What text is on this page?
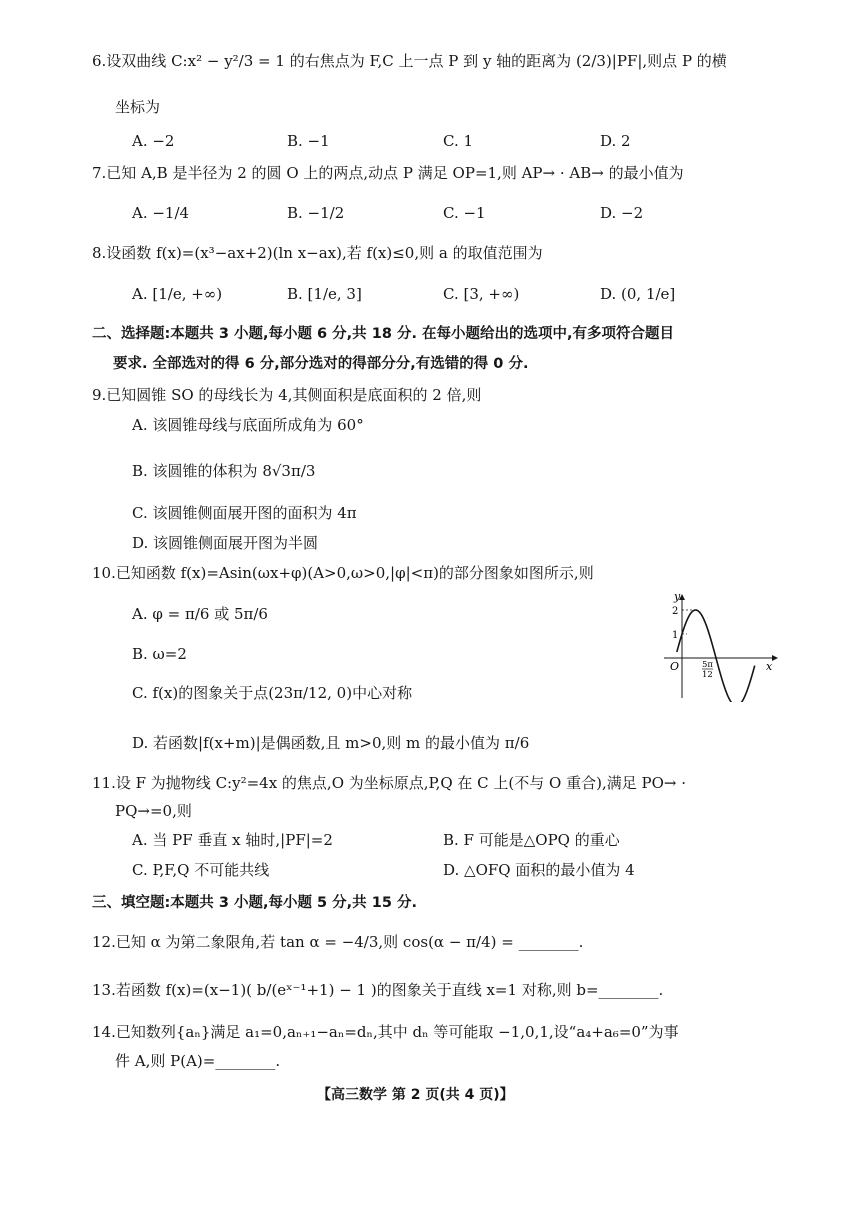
6.设双曲线 C:x² − y²/3 = 1 的右焦点为 F,C 上一点 P 到 y 轴的距离为 (2/3)|PF|,则点 P 的横
坐标为
A. −2	B. −1	C. 1	D. 2
7.已知 A,B 是半径为 2 的圆 O 上的两点,动点 P 满足 OP=1,则 AP→ · AB→ 的最小值为
A. −1/4	B. −1/2	C. −1	D. −2
8.设函数 f(x)=(x³−ax+2)(ln x−ax),若 f(x)≤0,则 a 的取值范围为
A. [1/e, +∞)	B. [1/e, 3]	C. [3, +∞)	D. (0, 1/e]
二、选择题:本题共 3 小题,每小题 6 分,共 18 分. 在每小题给出的选项中,有多项符合题目
要求. 全部选对的得 6 分,部分选对的得部分分,有选错的得 0 分.
9.已知圆锥 SO 的母线长为 4,其侧面积是底面积的 2 倍,则
A. 该圆锥母线与底面所成角为 60°
B. 该圆锥的体积为 8√3π/3
C. 该圆锥侧面展开图的面积为 4π
D. 该圆锥侧面展开图为半圆
10.已知函数 f(x)=Asin(ωx+φ)(A>0,ω>0,|φ|<π)的部分图象如图所示,则
A. φ = π/6 或 5π/6
B. ω=2
C. f(x)的图象关于点(23π/12, 0)中心对称
D. 若函数|f(x+m)|是偶函数,且 m>0,则 m 的最小值为 π/6
y
x
O
2
1
5π
12
11.设 F 为抛物线 C:y²=4x 的焦点,O 为坐标原点,P,Q 在 C 上(不与 O 重合),满足 PO→ ·
PQ→=0,则
A. 当 PF 垂直 x 轴时,|PF|=2	B. F 可能是△OPQ 的重心
C. P,F,Q 不可能共线	D. △OFQ 面积的最小值为 4
三、填空题:本题共 3 小题,每小题 5 分,共 15 分.
12.已知 α 为第二象限角,若 tan α = −4/3,则 cos(α − π/4) = ________.
13.若函数 f(x)=(x−1)( b/(eˣ⁻¹+1) − 1 )的图象关于直线 x=1 对称,则 b=________.
14.已知数列{aₙ}满足 a₁=0,aₙ₊₁−aₙ=dₙ,其中 dₙ 等可能取 −1,0,1,设“a₄+a₆=0”为事
件 A,则 P(A)=________.
【高三数学 第 2 页(共 4 页)】
